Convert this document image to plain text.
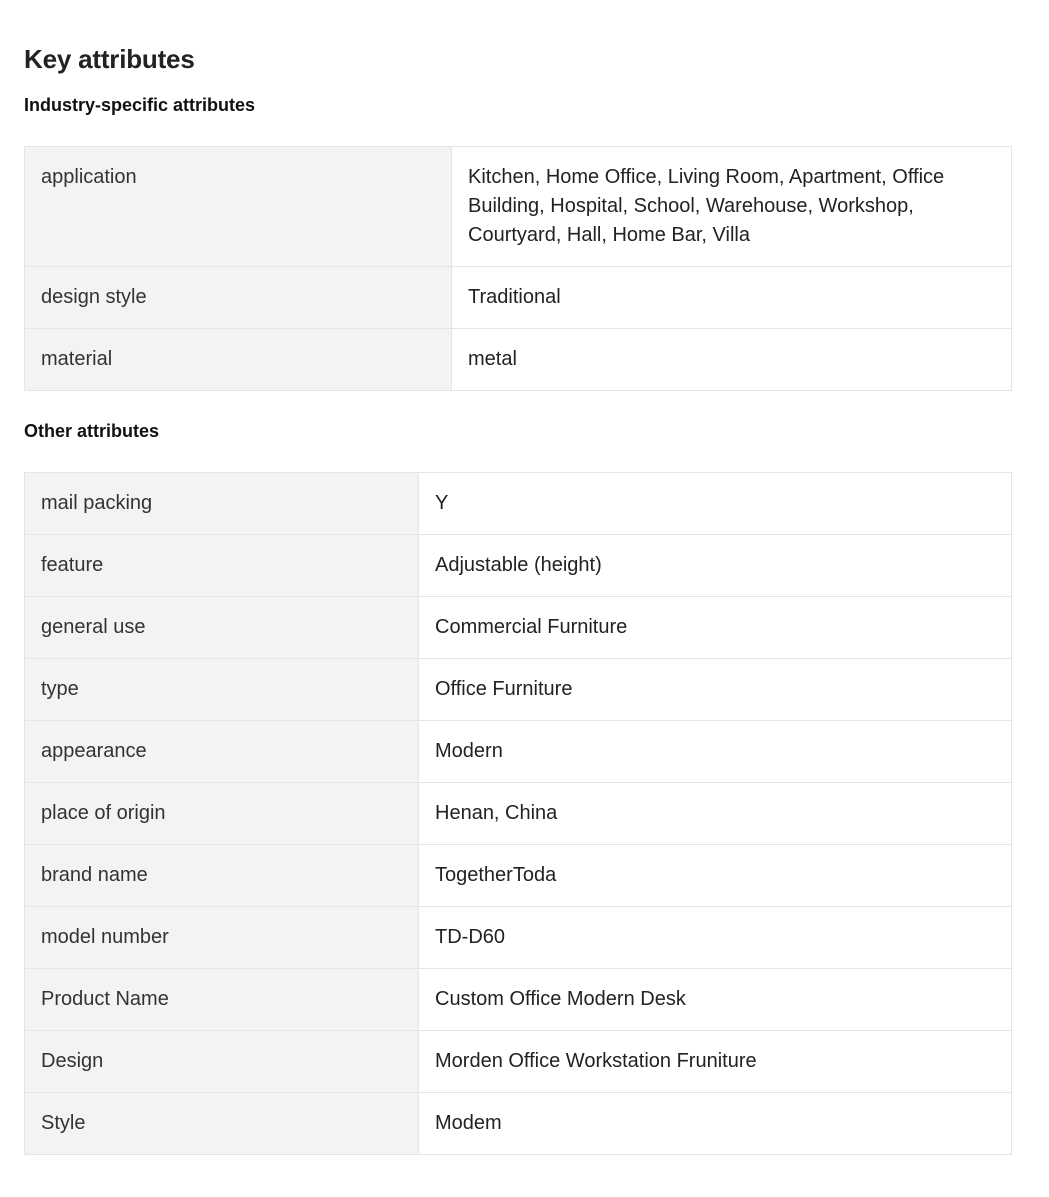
Key attributes
Industry-specific attributes
application	Kitchen, Home Office, Living Room, Apartment, Office Building, Hospital, School, Warehouse, Workshop, Courtyard, Hall, Home Bar, Villa
design style	Traditional
material	metal
Other attributes
mail packing	Y
feature	Adjustable (height)
general use	Commercial Furniture
type	Office Furniture
appearance	Modern
place of origin	Henan, China
brand name	TogetherToda
model number	TD-D60
Product Name	Custom Office Modern Desk
Design	Morden Office Workstation Fruniture
Style	Modem
